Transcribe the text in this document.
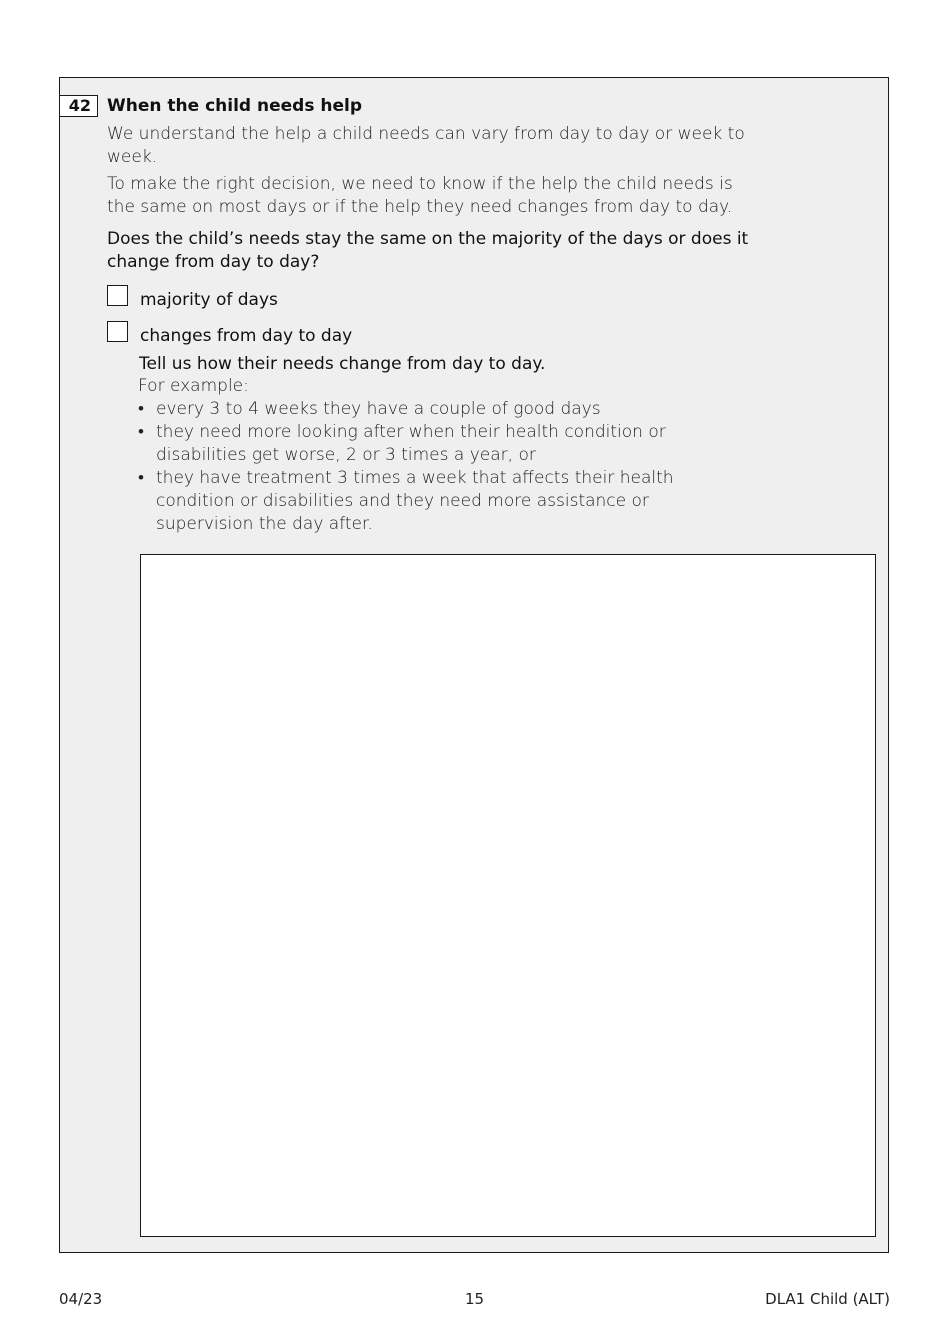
42 When the child needs help

We understand the help a child needs can vary from day to day or week to week.

To make the right decision, we need to know if the help the child needs is the same on most days or if the help they need changes from day to day.

Does the child’s needs stay the same on the majority of the days or does it change from day to day?

majority of days
changes from day to day
Tell us how their needs change from day to day.
For example:
• every 3 to 4 weeks they have a couple of good days
• they need more looking after when their health condition or disabilities get worse, 2 or 3 times a year, or
• they have treatment 3 times a week that affects their health condition or disabilities and they need more assistance or supervision the day after.
04/23	15	DLA1 Child (ALT)
